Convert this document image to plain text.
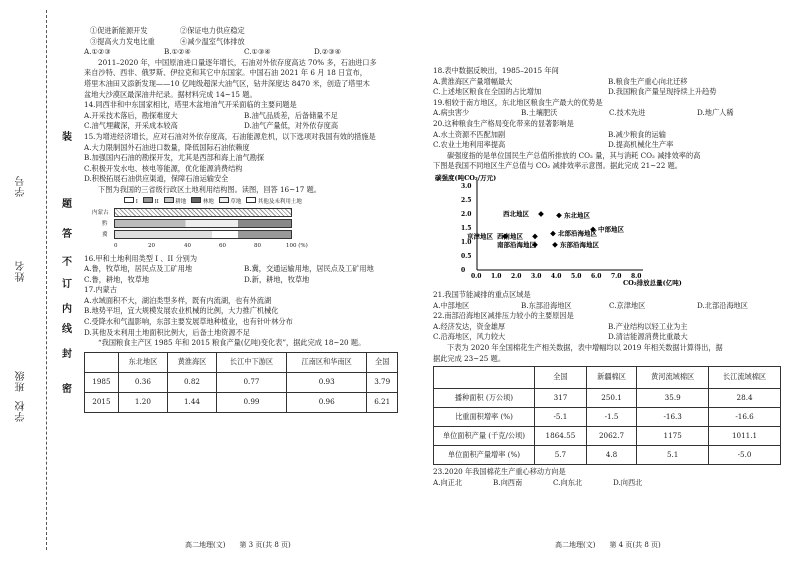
学号
姓名
班级
学校
装
题
答
不
订
内
线
封
密

①促进新能源开发	②保证电力供应稳定

③提高火力发电比重	④减少温室气体排放

A.①②③	B.①②④	C.①③④	D.②③④

2011–2020 年，中国原油进口量逐年增长，石油对外依存度高达 70% 多，石油进口多

来自沙特、西非、俄罗斯、伊拉克和其它中东国家。中国石油 2021 年 6 月 18 日宣布，

塔里木油田又添新发现——10 亿吨级超深大油气区，钻井深度达 8470 米，创造了塔里木

盆地大沙漠区最深油井纪录。据材料完成 14~15 题。

14.同西非和中东国家相比，塔里木盆地油气开采面临的主要问题是

A.开采技术落后，勘探难度大	B.油气品质差，后备储量不足

C.油气埋藏深，开采成本较高	D.油气产量低，对外依存度高

15.为增进经济增长，应对石油对外依存度高，石油能源危机，以下选项对我国有效的措施是

A.大力限制国外石油进口数量，降低国际石油依赖度

B.加强国内石油的勘探开发，尤其是西部和海上油气勘探

C.积极开发水电、核电等能源，优化能源消费结构

D.积极拓展石油供应渠道，保障石油运输安全

下图为我国的三省级行政区土地利用结构图。读图，回答 16~17 题。

I	II	耕地	林地	草地	其他及未利用土地
内蒙古
黔
冀
0	20	40	60	80	100 (%)

16.甲和土地利用类型 I 、II 分别为

A.鲁，牧草地，居民点及工矿用地	B.冀，交通运输用地，居民点及工矿用地

C.鲁，耕地，牧草地	D.新，耕地，牧草地

17.内蒙古

A.水域面积不大，湖泊类型多样，既有内流湖，也有外流湖

B.地势平坦，宜大规模发展农业机械的比例，大力推广机械化

C.受降水和气温影响，东部主要发展草地种植业，也有针叶林分布

D.其他及未利用土地面积比例大，后备土地资源不足

“我国粮食主产区 1985 年和 2015 粮食产量(亿吨)变化表”，据此完成 18~20 题。

	东北地区	黄淮海区	长江中下游区	江南区和华南区	全国
1985	0.36	0.82	0.77	0.93	3.79
2015	1.20	1.44	0.99	0.96	6.21
高二地理(文)　　第 3 页(共 8 页)

18.表中数据反映出，1985–2015 年间

A.黄淮海区产量增幅最大	B.粮食生产重心向北迁移

C.上述地区粮食在全国的占比增加	D.我国粮食产量呈现持续上升趋势

19.相较于南方地区，东北地区粮食生产最大的优势是

A.病虫害少	B.土壤肥沃	C.技术先进	D.地广人稀

20.这种粮食生产格局变化带来的显著影响是

A.水土资源不匹配加剧	B.减少粮食的运输

C.农业土地利用率提高	D.提高机械化生产率

碳强度指的是单位国民生产总值所排放的 CO₂ 量，其与消耗 CO₂ 减排效率的高

下图是我国不同地区生产总值与 CO₂ 减排效率示意图。据此完成 21~22 题。

碳强度(吨CO₂/万元)
CO₂排放总量(亿吨)
0.0 1.0 2.0 3.0 4.0 5.0 6.0 7.0 8.0
0
0.5
1.0
1.5
2.0
2.5
3.0
西北地区	东北地区
中部地区
京津地区 西南地区	北部沿海地区
南部沿海地区	东部沿海地区

21.我国节能减排的重点区域是

A.中部地区	B.东部沿海地区	C.京津地区	D.北部沿海地区

22.南部沿海地区减排压力较小的主要原因是

A.经济发达，资金雄厚	B.产业结构以轻工业为主

C.沿海地区，风力较大	D.清洁能源消费比重最大

下表为 2020 年全国棉花生产相关数据，表中增幅均以 2019 年相关数据计算得出，据

据此完成 23~25 题。

	全国	新疆棉区	黄河流域棉区	长江流域棉区
播种面积 (万公顷)	317	250.1	35.9	28.4
比重面积增率 (%)	-5.1	-1.5	-16.3	-16.6
单位面积产量 (千克/公顷)	1864.55	2062.7	1175	1011.1
单位面积产量增率 (%)	5.7	4.8	5.1	-5.0

23.2020 年我国棉花生产重心移动方向是

A.向正北	B.向西南	C.向东北	D.向西北

高二地理(文)　　第 4 页(共 8 页)
